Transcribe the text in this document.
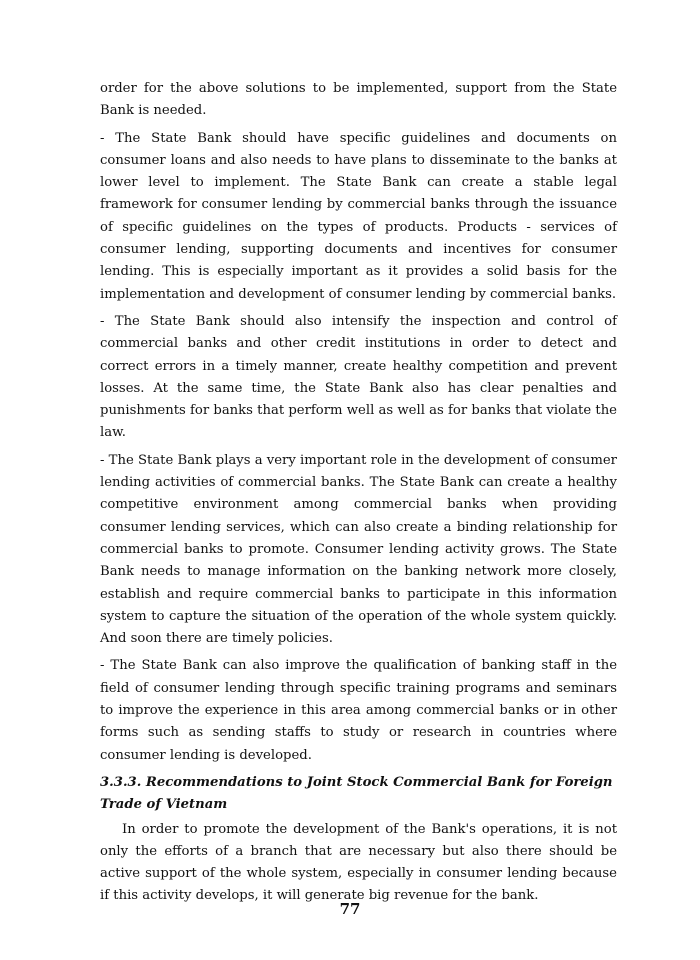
order for the above solutions to be implemented, support from the State Bank is needed.

- The State Bank should have specific guidelines and documents on consumer loans and also needs to have plans to disseminate to the banks at lower level to implement. The State Bank can create a stable legal framework for consumer lending by commercial banks through the issuance of specific guidelines on the types of products. Products - services of consumer lending, supporting documents and incentives for consumer lending. This is especially important as it provides a solid basis for the implementation and development of consumer lending by commercial banks.

- The State Bank should also intensify the inspection and control of commercial banks and other credit institutions in order to detect and correct errors in a timely manner, create healthy competition and prevent losses. At the same time, the State Bank also has clear penalties and punishments for banks that perform well as well as for banks that violate the law.

- The State Bank plays a very important role in the development of consumer lending activities of commercial banks. The State Bank can create a healthy competitive environment among commercial banks when providing consumer lending services, which can also create a binding relationship for commercial banks to promote. Consumer lending activity grows. The State Bank needs to manage information on the banking network more closely, establish and require commercial banks to participate in this information system to capture the situation of the operation of the whole system quickly. And soon there are timely policies.

- The State Bank can also improve the qualification of banking staff in the field of consumer lending through specific training programs and seminars to improve the experience in this area among commercial banks or in other forms such as sending staffs to study or research in countries where consumer lending is developed.

3.3.3. Recommendations to Joint Stock Commercial Bank for Foreign Trade of Vietnam

In order to promote the development of the Bank's operations, it is not only the efforts of a branch that are necessary but also there should be active support of the whole system, especially in consumer lending because if this activity develops, it will generate big revenue for the bank.

77
